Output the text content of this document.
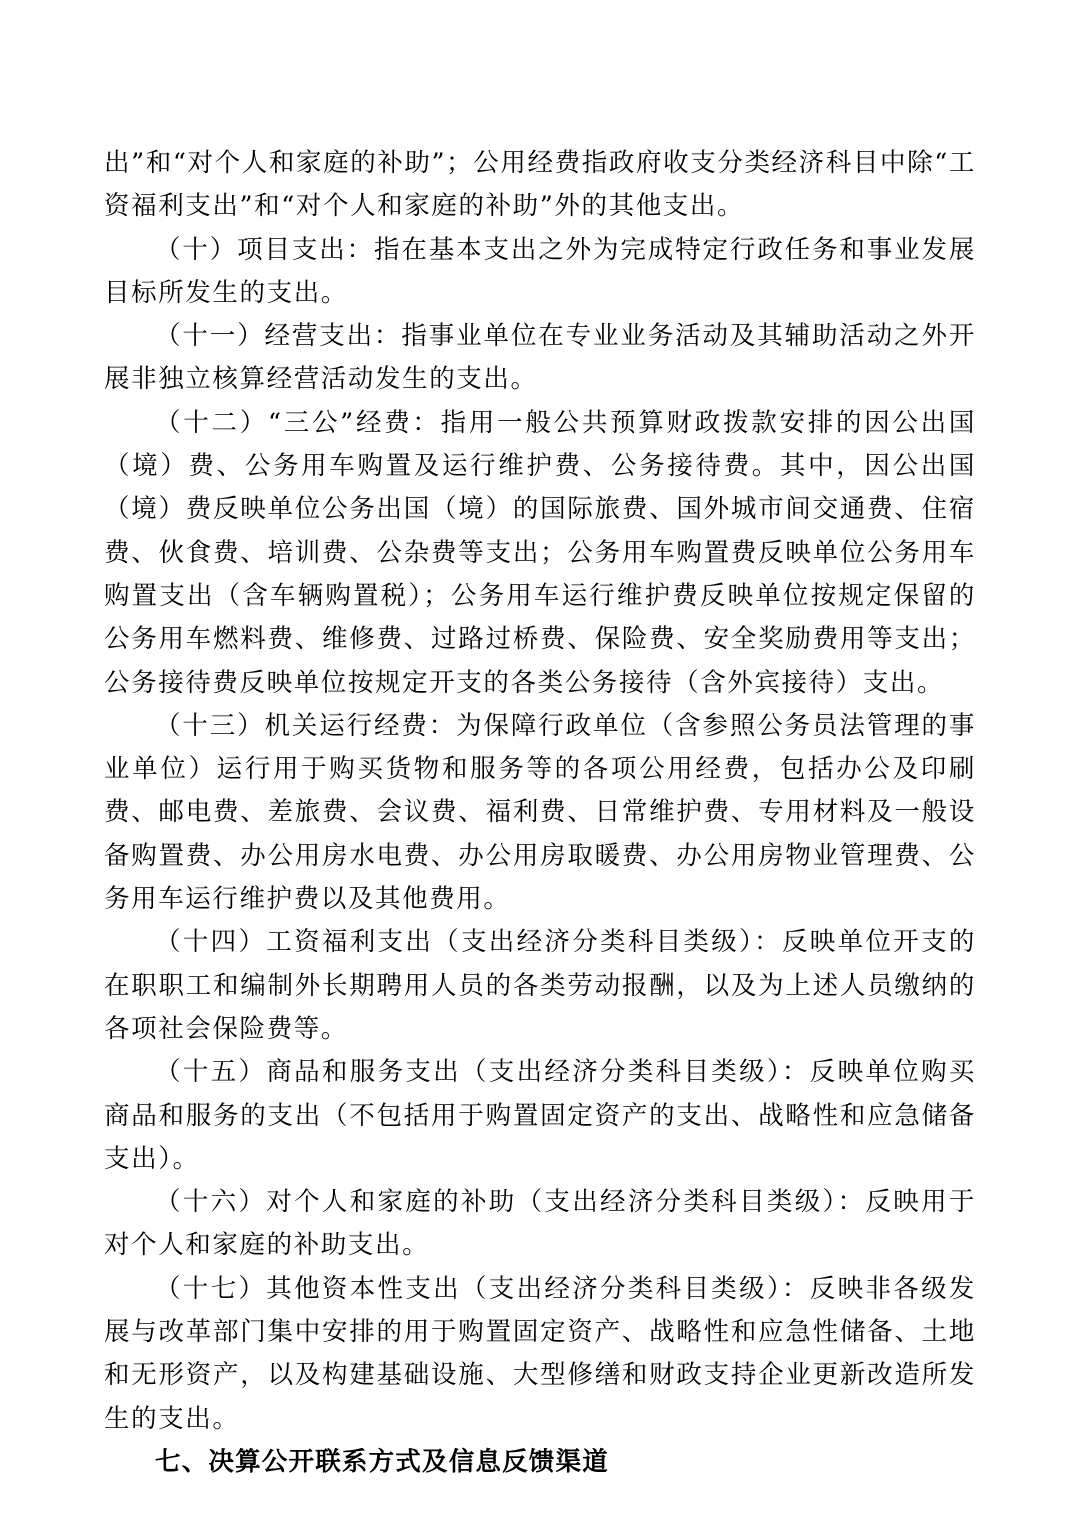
出”和“对个人和家庭的补助”；公用经费指政府收支分类经济科目中除“工资福利支出”和“对个人和家庭的补助”外的其他支出。

（十）项目支出：指在基本支出之外为完成特定行政任务和事业发展目标所发生的支出。

（十一）经营支出：指事业单位在专业业务活动及其辅助活动之外开展非独立核算经营活动发生的支出。

（十二）“三公”经费：指用一般公共预算财政拨款安排的因公出国（境）费、公务用车购置及运行维护费、公务接待费。其中，因公出国（境）费反映单位公务出国（境）的国际旅费、国外城市间交通费、住宿费、伙食费、培训费、公杂费等支出；公务用车购置费反映单位公务用车购置支出（含车辆购置税）；公务用车运行维护费反映单位按规定保留的公务用车燃料费、维修费、过路过桥费、保险费、安全奖励费用等支出；公务接待费反映单位按规定开支的各类公务接待（含外宾接待）支出。

（十三）机关运行经费：为保障行政单位（含参照公务员法管理的事业单位）运行用于购买货物和服务等的各项公用经费，包括办公及印刷费、邮电费、差旅费、会议费、福利费、日常维护费、专用材料及一般设备购置费、办公用房水电费、办公用房取暖费、办公用房物业管理费、公务用车运行维护费以及其他费用。

（十四）工资福利支出（支出经济分类科目类级）：反映单位开支的在职职工和编制外长期聘用人员的各类劳动报酬，以及为上述人员缴纳的各项社会保险费等。

（十五）商品和服务支出（支出经济分类科目类级）：反映单位购买商品和服务的支出（不包括用于购置固定资产的支出、战略性和应急储备支出）。

（十六）对个人和家庭的补助（支出经济分类科目类级）：反映用于对个人和家庭的补助支出。

（十七）其他资本性支出（支出经济分类科目类级）：反映非各级发展与改革部门集中安排的用于购置固定资产、战略性和应急性储备、土地和无形资产，以及构建基础设施、大型修缮和财政支持企业更新改造所发生的支出。

七、决算公开联系方式及信息反馈渠道
